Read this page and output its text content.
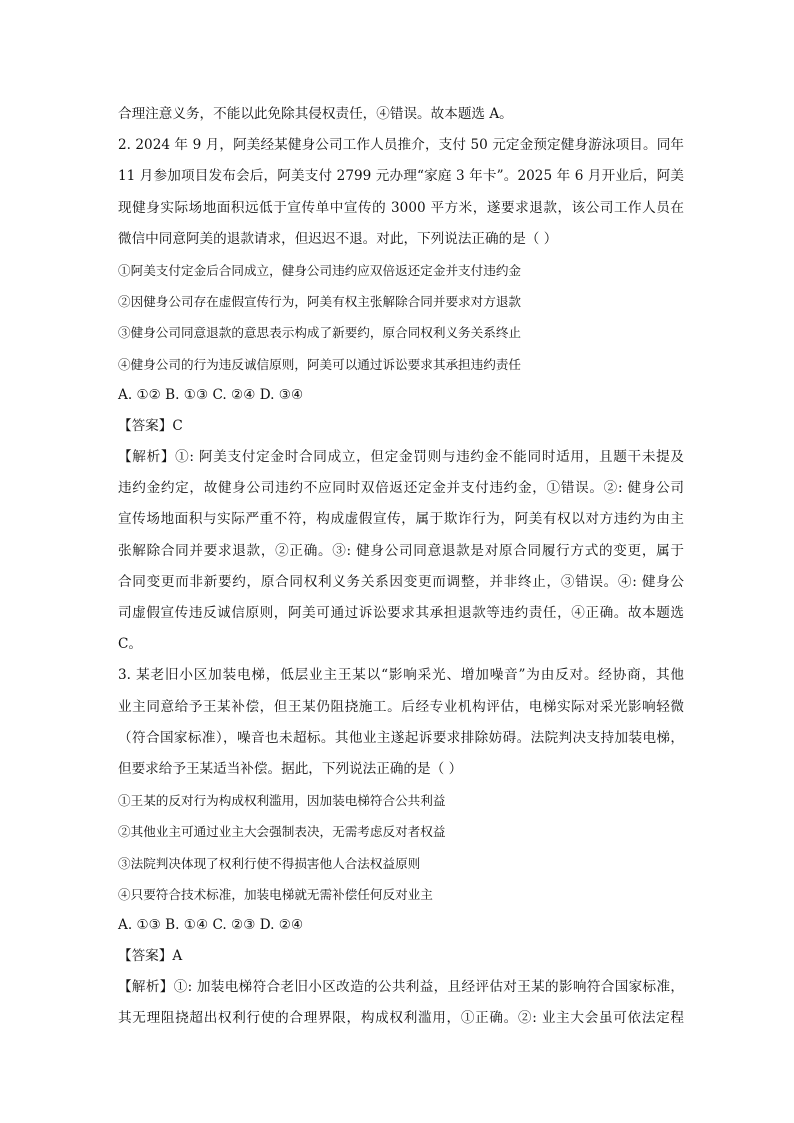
合理注意义务，不能以此免除其侵权责任，④错误。故本题选 A。
2. 2024 年 9 月，阿美经某健身公司工作人员推介，支付 50 元定金预定健身游泳项目。同年
11 月参加项目发布会后，阿美支付 2799 元办理“家庭 3 年卡”。2025 年 6 月开业后，阿美
现健身实际场地面积远低于宣传单中宣传的 3000 平方米，遂要求退款，该公司工作人员在
微信中同意阿美的退款请求，但迟迟不退。对此，下列说法正确的是（ ）
①阿美支付定金后合同成立，健身公司违约应双倍返还定金并支付违约金
②因健身公司存在虚假宣传行为，阿美有权主张解除合同并要求对方退款
③健身公司同意退款的意思表示构成了新要约，原合同权利义务关系终止
④健身公司的行为违反诚信原则，阿美可以通过诉讼要求其承担违约责任
A. ①② B. ①③ C. ②④ D. ③④
【答案】C
【解析】①: 阿美支付定金时合同成立，但定金罚则与违约金不能同时适用，且题干未提及
违约金约定，故健身公司违约不应同时双倍返还定金并支付违约金，①错误。②: 健身公司
宣传场地面积与实际严重不符，构成虚假宣传，属于欺诈行为，阿美有权以对方违约为由主
张解除合同并要求退款，②正确。③: 健身公司同意退款是对原合同履行方式的变更，属于
合同变更而非新要约，原合同权利义务关系因变更而调整，并非终止，③错误。④: 健身公
司虚假宣传违反诚信原则，阿美可通过诉讼要求其承担退款等违约责任，④正确。故本题选
C。
3. 某老旧小区加装电梯，低层业主王某以“影响采光、增加噪音”为由反对。经协商，其他
业主同意给予王某补偿，但王某仍阻挠施工。后经专业机构评估，电梯实际对采光影响轻微
（符合国家标准），噪音也未超标。其他业主遂起诉要求排除妨碍。法院判决支持加装电梯，
但要求给予王某适当补偿。据此，下列说法正确的是（ ）
①王某的反对行为构成权利滥用，因加装电梯符合公共利益
②其他业主可通过业主大会强制表决，无需考虑反对者权益
③法院判决体现了权利行使不得损害他人合法权益原则
④只要符合技术标准，加装电梯就无需补偿任何反对业主
A. ①③ B. ①④ C. ②③ D. ②④
【答案】A
【解析】①: 加装电梯符合老旧小区改造的公共利益，且经评估对王某的影响符合国家标准，
其无理阻挠超出权利行使的合理界限，构成权利滥用，①正确。②: 业主大会虽可依法定程
